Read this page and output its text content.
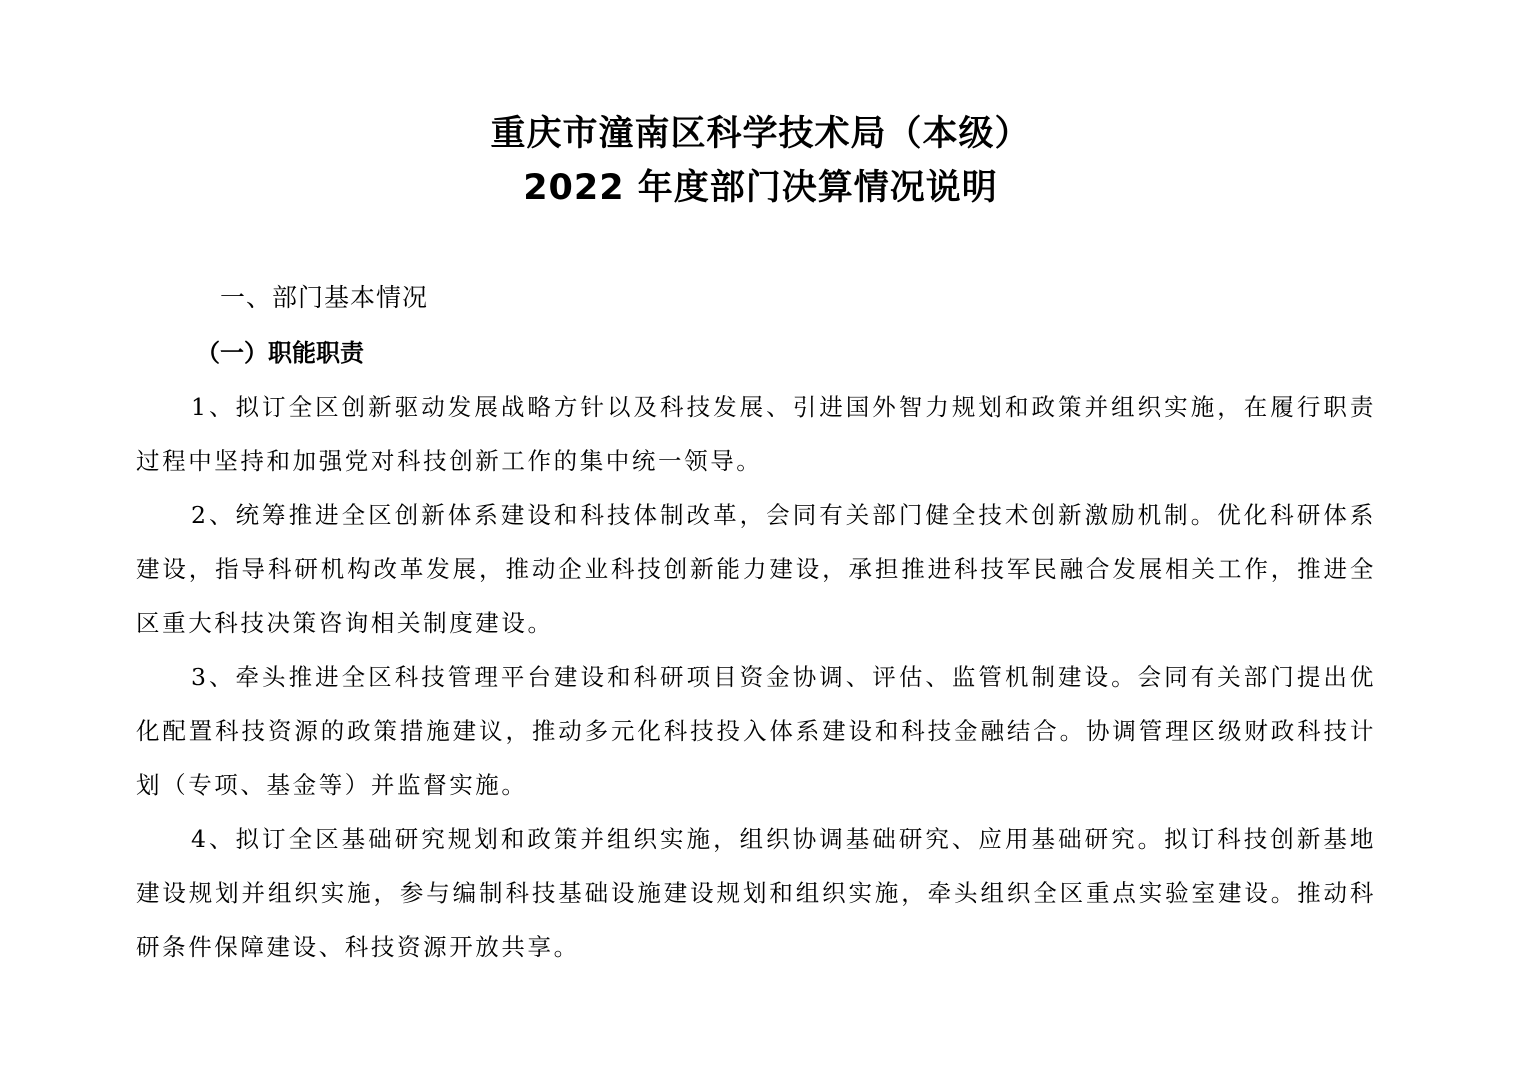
重庆市潼南区科学技术局（本级）
2022 年度部门决算情况说明
一、部门基本情况
（一）职能职责
1、拟订全区创新驱动发展战略方针以及科技发展、引进国外智力规划和政策并组织实施，在履行职责过程中坚持和加强党对科技创新工作的集中统一领导。
2、统筹推进全区创新体系建设和科技体制改革，会同有关部门健全技术创新激励机制。优化科研体系建设，指导科研机构改革发展，推动企业科技创新能力建设，承担推进科技军民融合发展相关工作，推进全区重大科技决策咨询相关制度建设。
3、牵头推进全区科技管理平台建设和科研项目资金协调、评估、监管机制建设。会同有关部门提出优化配置科技资源的政策措施建议，推动多元化科技投入体系建设和科技金融结合。协调管理区级财政科技计划（专项、基金等）并监督实施。
4、拟订全区基础研究规划和政策并组织实施，组织协调基础研究、应用基础研究。拟订科技创新基地建设规划并组织实施，参与编制科技基础设施建设规划和组织实施，牵头组织全区重点实验室建设。推动科研条件保障建设、科技资源开放共享。
